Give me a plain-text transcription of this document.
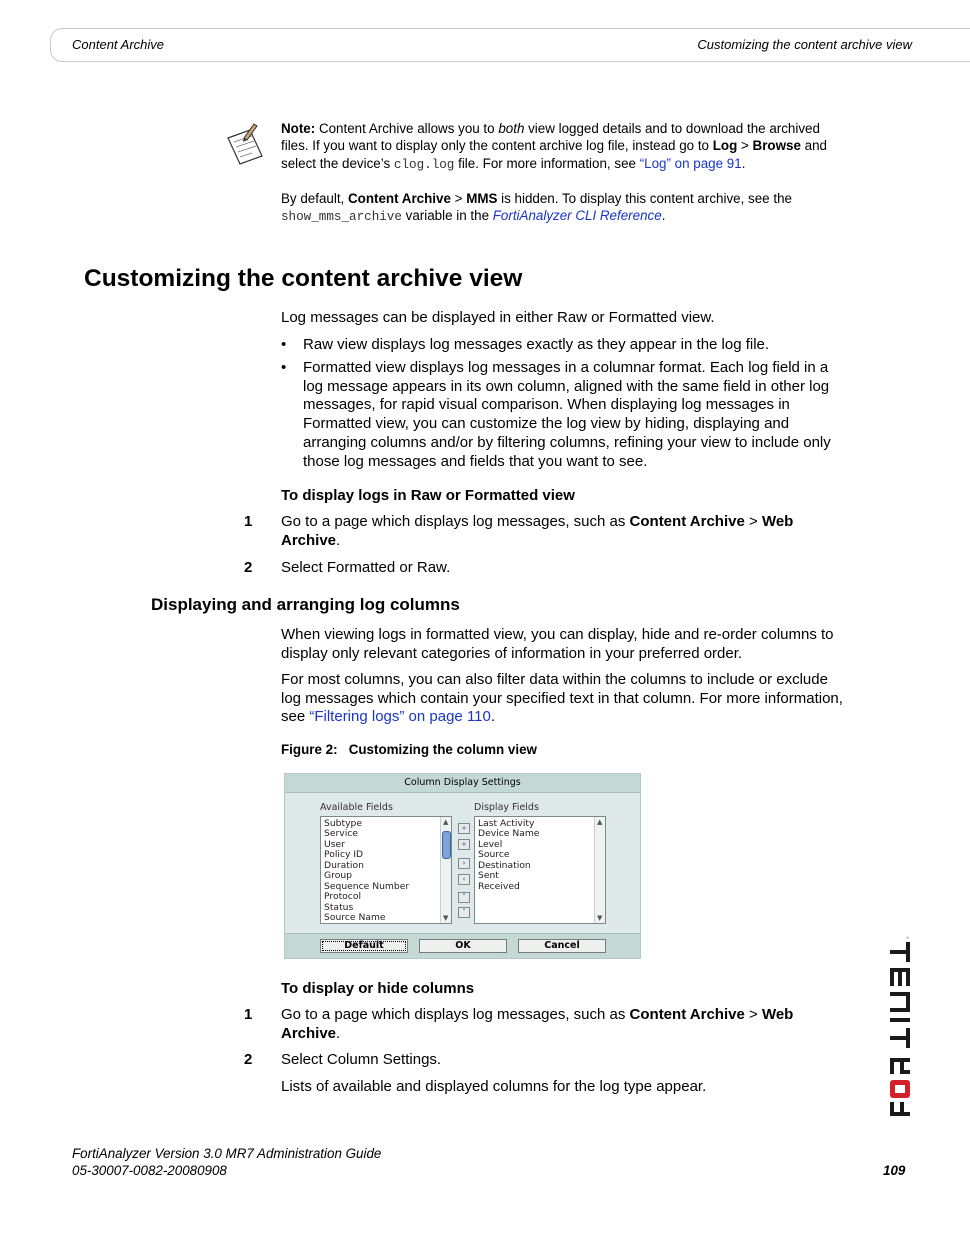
Content Archive	Customizing the content archive view

Note: Content Archive allows you to both view logged details and to download the archived files. If you want to display only the content archive log file, instead go to Log > Browse and select the device’s clog.log file. For more information, see “Log” on page 91.

By default, Content Archive > MMS is hidden. To display this content archive, see the show_mms_archive variable in the FortiAnalyzer CLI Reference.

Customizing the content archive view

Log messages can be displayed in either Raw or Formatted view.

• Raw view displays log messages exactly as they appear in the log file.
• Formatted view displays log messages in a columnar format. Each log field in a log message appears in its own column, aligned with the same field in other log messages, for rapid visual comparison. When displaying log messages in Formatted view, you can customize the log view by hiding, displaying and arranging columns and/or by filtering columns, refining your view to include only those log messages and fields that you want to see.
To display logs in Raw or Formatted view
1 Go to a page which displays log messages, such as Content Archive > Web Archive.
2 Select Formatted or Raw.
Displaying and arranging log columns

When viewing logs in formatted view, you can display, hide and re-order columns to display only relevant categories of information in your preferred order.

For most columns, you can also filter data within the columns to include or exclude log messages which contain your specified text in that column. For more information, see “Filtering logs” on page 110.

Figure 2:   Customizing the column view
Column Display Settings
Available Fields	Display Fields
Subtype
Service
User
Policy ID
Duration
Group
Sequence Number
Protocol
Status
Source Name
▲
▼
»
«
›
‹
˄
˅
Last Activity
Device Name
Level
Source
Destination
Sent
Received
▲
▼
Default	OK	Cancel
To display or hide columns
1 Go to a page which displays log messages, such as Content Archive > Web Archive.
2 Select Column Settings.
Lists of available and displayed columns for the log type appear.
®
FortiAnalyzer Version 3.0 MR7 Administration Guide
05-30007-0082-20080908	109
